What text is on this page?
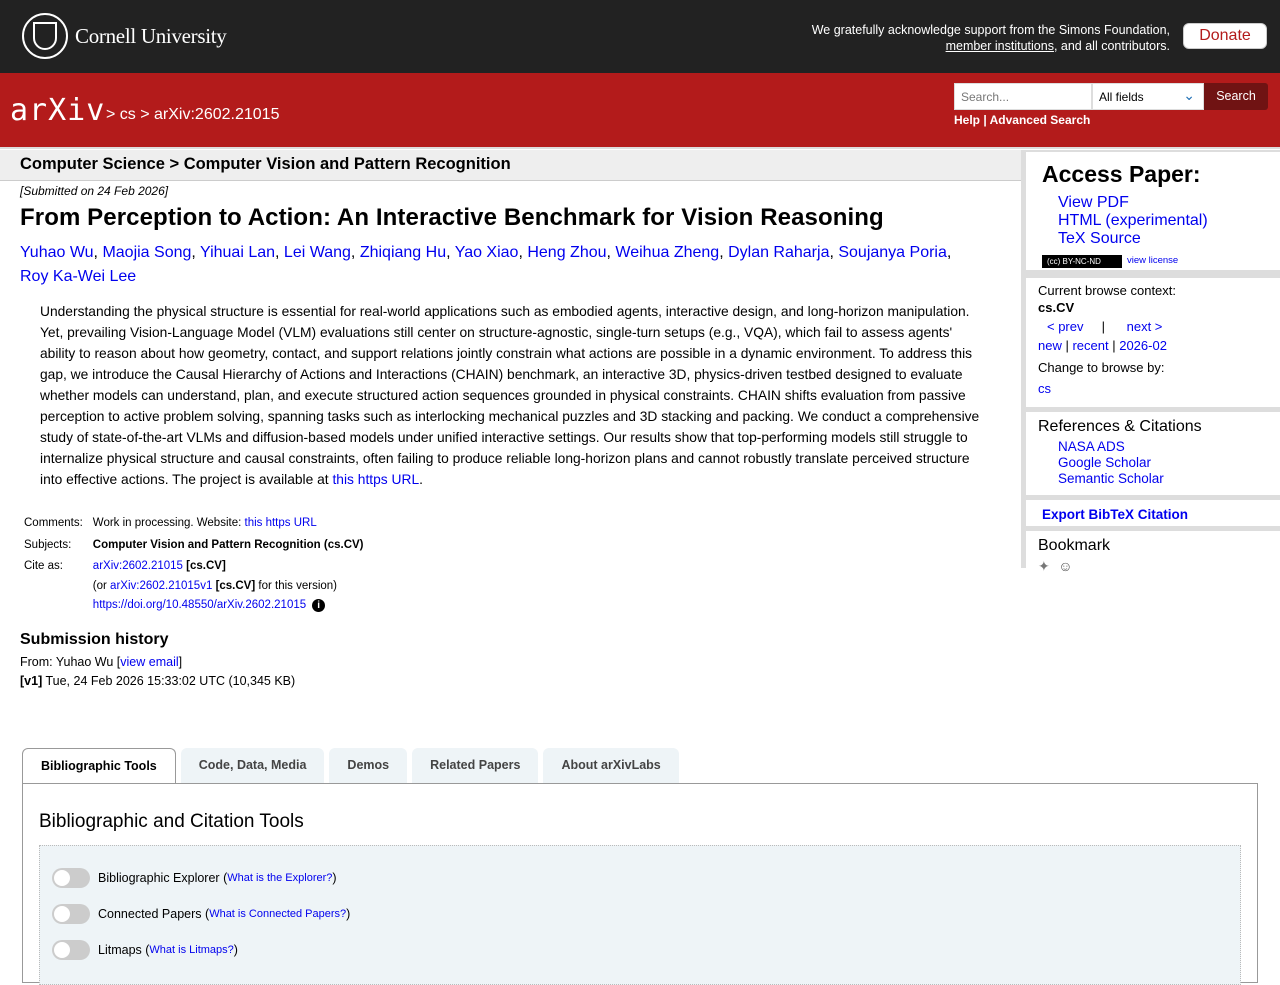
Cornell University	We gratefully acknowledge support from the Simons Foundation,
member institutions, and all contributors.
Donate
arXiv > cs > arXiv:2602.21015
Search...	All fields	⌄	Search
Help | Advanced Search
Computer Science > Computer Vision and Pattern Recognition
[Submitted on 24 Feb 2026]
From Perception to Action: An Interactive Benchmark for Vision Reasoning
Yuhao Wu, Maojia Song, Yihuai Lan, Lei Wang, Zhiqiang Hu, Yao Xiao, Heng Zhou, Weihua Zheng, Dylan Raharja, Soujanya Poria,
Roy Ka-Wei Lee
Understanding the physical structure is essential for real-world applications such as embodied agents, interactive design, and long-horizon manipulation. Yet, prevailing Vision-Language Model (VLM) evaluations still center on structure-agnostic, single-turn setups (e.g., VQA), which fail to assess agents' ability to reason about how geometry, contact, and support relations jointly constrain what actions are possible in a dynamic environment. To address this gap, we introduce the Causal Hierarchy of Actions and Interactions (CHAIN) benchmark, an interactive 3D, physics-driven testbed designed to evaluate whether models can understand, plan, and execute structured action sequences grounded in physical constraints. CHAIN shifts evaluation from passive perception to active problem solving, spanning tasks such as interlocking mechanical puzzles and 3D stacking and packing. We conduct a comprehensive study of state-of-the-art VLMs and diffusion-based models under unified interactive settings. Our results show that top-performing models still struggle to internalize physical structure and causal constraints, often failing to produce reliable long-horizon plans and cannot robustly translate perceived structure into effective actions. The project is available at this https URL.
Comments:	Work in processing. Website: this https URL
Subjects:	Computer Vision and Pattern Recognition (cs.CV)
Cite as:	arXiv:2602.21015 [cs.CV]
(or arXiv:2602.21015v1 [cs.CV] for this version)
https://doi.org/10.48550/arXiv.2602.21015 i
Submission history
From: Yuhao Wu [view email]
[v1] Tue, 24 Feb 2026 15:33:02 UTC (10,345 KB)
Access Paper:
View PDF
HTML (experimental)
TeX Source
(cc) BY-NC-ND	view license
Current browse context:
cs.CV
< prev | next >
new | recent | 2026-02
Change to browse by:
cs
References & Citations
NASA ADS
Google Scholar
Semantic Scholar
Export BibTeX Citation
Bookmark
✦ ☺
Bibliographic Tools	Code, Data, Media	Demos	Related Papers	About arXivLabs
Bibliographic and Citation Tools
Bibliographic Explorer ( What is the Explorer? )
Connected Papers ( What is Connected Papers? )
Litmaps ( What is Litmaps? )
